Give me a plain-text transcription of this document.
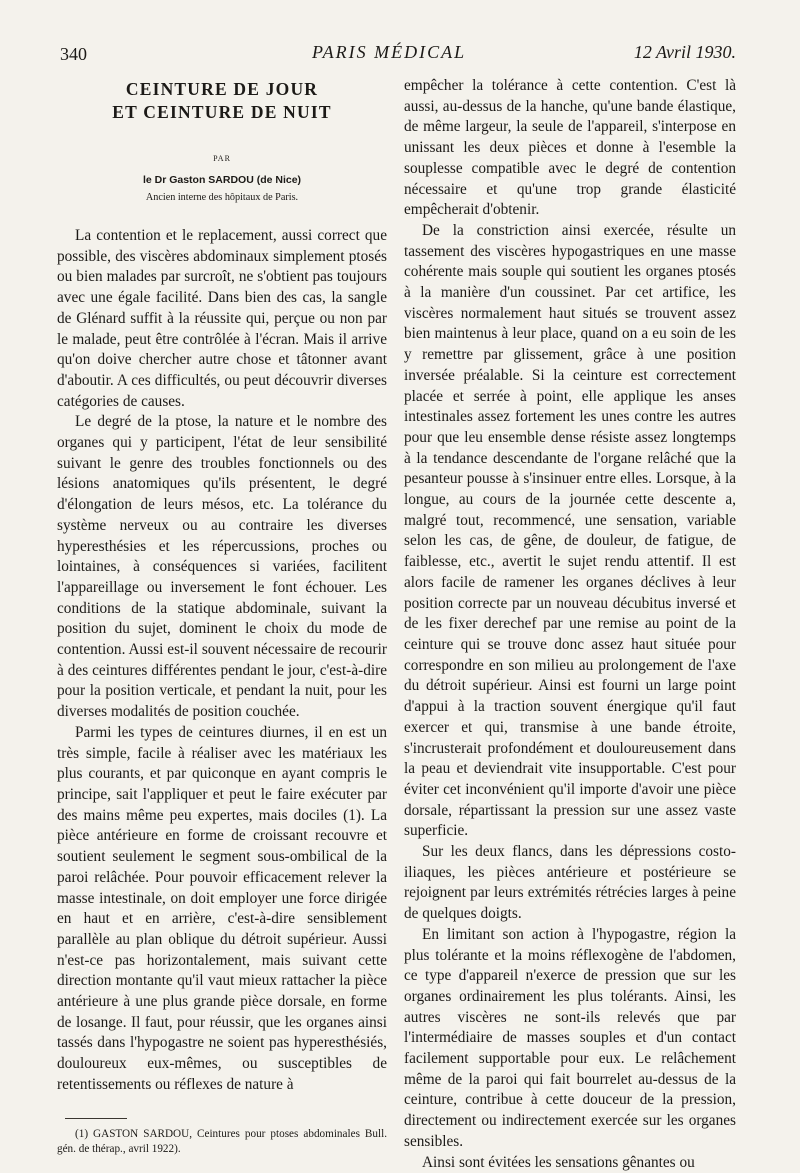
340	PARIS MÉDICAL	12 Avril 1930.
CEINTURE DE JOUR
ET CEINTURE DE NUIT
PAR
le Dr Gaston SARDOU (de Nice)
Ancien interne des hôpitaux de Paris.

La contention et le replacement, aussi correct que possible, des viscères abdominaux simplement ptosés ou bien malades par surcroît, ne s'obtient pas toujours avec une égale facilité. Dans bien des cas, la sangle de Glénard suffit à la réussite qui, perçue ou non par le malade, peut être contrôlée à l'écran. Mais il arrive qu'on doive chercher autre chose et tâtonner avant d'aboutir. A ces difficultés, ou peut découvrir diverses catégories de causes.

Le degré de la ptose, la nature et le nombre des organes qui y participent, l'état de leur sensibilité suivant le genre des troubles fonctionnels ou des lésions anatomiques qu'ils présentent, le degré d'élongation de leurs mésos, etc. La tolérance du système nerveux ou au contraire les diverses hyperesthésies et les répercussions, proches ou lointaines, à conséquences si variées, facilitent l'appareillage ou inversement le font échouer. Les conditions de la statique abdominale, suivant la position du sujet, dominent le choix du mode de contention. Aussi est-il souvent nécessaire de recourir à des ceintures différentes pendant le jour, c'est-à-dire pour la position verticale, et pendant la nuit, pour les diverses modalités de position couchée.

Parmi les types de ceintures diurnes, il en est un très simple, facile à réaliser avec les matériaux les plus courants, et par quiconque en ayant compris le principe, sait l'appliquer et peut le faire exécuter par des mains même peu expertes, mais dociles (1). La pièce antérieure en forme de croissant recouvre et soutient seulement le segment sous-ombilical de la paroi relâchée. Pour pouvoir efficacement relever la masse intestinale, on doit employer une force dirigée en haut et en arrière, c'est-à-dire sensiblement parallèle au plan oblique du détroit supérieur. Aussi n'est-ce pas horizontalement, mais suivant cette direction montante qu'il vaut mieux rattacher la pièce antérieure à une plus grande pièce dorsale, en forme de losange. Il faut, pour réussir, que les organes ainsi tassés dans l'hypogastre ne soient pas hyperesthésiés, douloureux eux-mêmes, ou susceptibles de retentissements ou réflexes de nature à

(1) GASTON SARDOU, Ceintures pour ptoses abdominales Bull. gén. de thérap., avril 1922).

empêcher la tolérance à cette contention. C'est là aussi, au-dessus de la hanche, qu'une bande élastique, de même largeur, la seule de l'appareil, s'interpose en unissant les deux pièces et donne à l'esemble la souplesse compatible avec le degré de contention nécessaire et qu'une trop grande élasticité empêcherait d'obtenir.

De la constriction ainsi exercée, résulte un tassement des viscères hypogastriques en une masse cohérente mais souple qui soutient les organes ptosés à la manière d'un coussinet. Par cet artifice, les viscères normalement haut situés se trouvent assez bien maintenus à leur place, quand on a eu soin de les y remettre par glissement, grâce à une position inversée préalable. Si la ceinture est correctement placée et serrée à point, elle applique les anses intestinales assez fortement les unes contre les autres pour que leu ensemble dense résiste assez longtemps à la tendance descendante de l'organe relâché que la pesanteur pousse à s'insinuer entre elles. Lorsque, à la longue, au cours de la journée cette descente a, malgré tout, recommencé, une sensation, variable selon les cas, de gêne, de douleur, de fatigue, de faiblesse, etc., avertit le sujet rendu attentif. Il est alors facile de ramener les organes déclives à leur position correcte par un nouveau décubitus inversé et de les fixer derechef par une remise au point de la ceinture qui se trouve donc assez haut située pour correspondre en son milieu au prolongement de l'axe du détroit supérieur. Ainsi est fourni un large point d'appui à la traction souvent énergique qu'il faut exercer et qui, transmise à une bande étroite, s'incrusterait profondément et douloureusement dans la peau et deviendrait vite insupportable. C'est pour éviter cet inconvénient qu'il importe d'avoir une pièce dorsale, répartissant la pression sur une assez vaste superficie.

Sur les deux flancs, dans les dépressions costo-iliaques, les pièces antérieure et postérieure se rejoignent par leurs extrémités rétrécies larges à peine de quelques doigts.

En limitant son action à l'hypogastre, région la plus tolérante et la moins réflexogène de l'abdomen, ce type d'appareil n'exerce de pression que sur les organes ordinairement les plus tolérants. Ainsi, les autres viscères ne sont-ils relevés que par l'intermédiaire de masses souples et d'un contact facilement supportable pour eux. Le relâchement même de la paroi qui fait bourrelet au-dessus de la ceinture, contribue à cette douceur de la pression, directement ou indirectement exercée sur les organes sensibles.

Ainsi sont évitées les sensations gênantes ou
